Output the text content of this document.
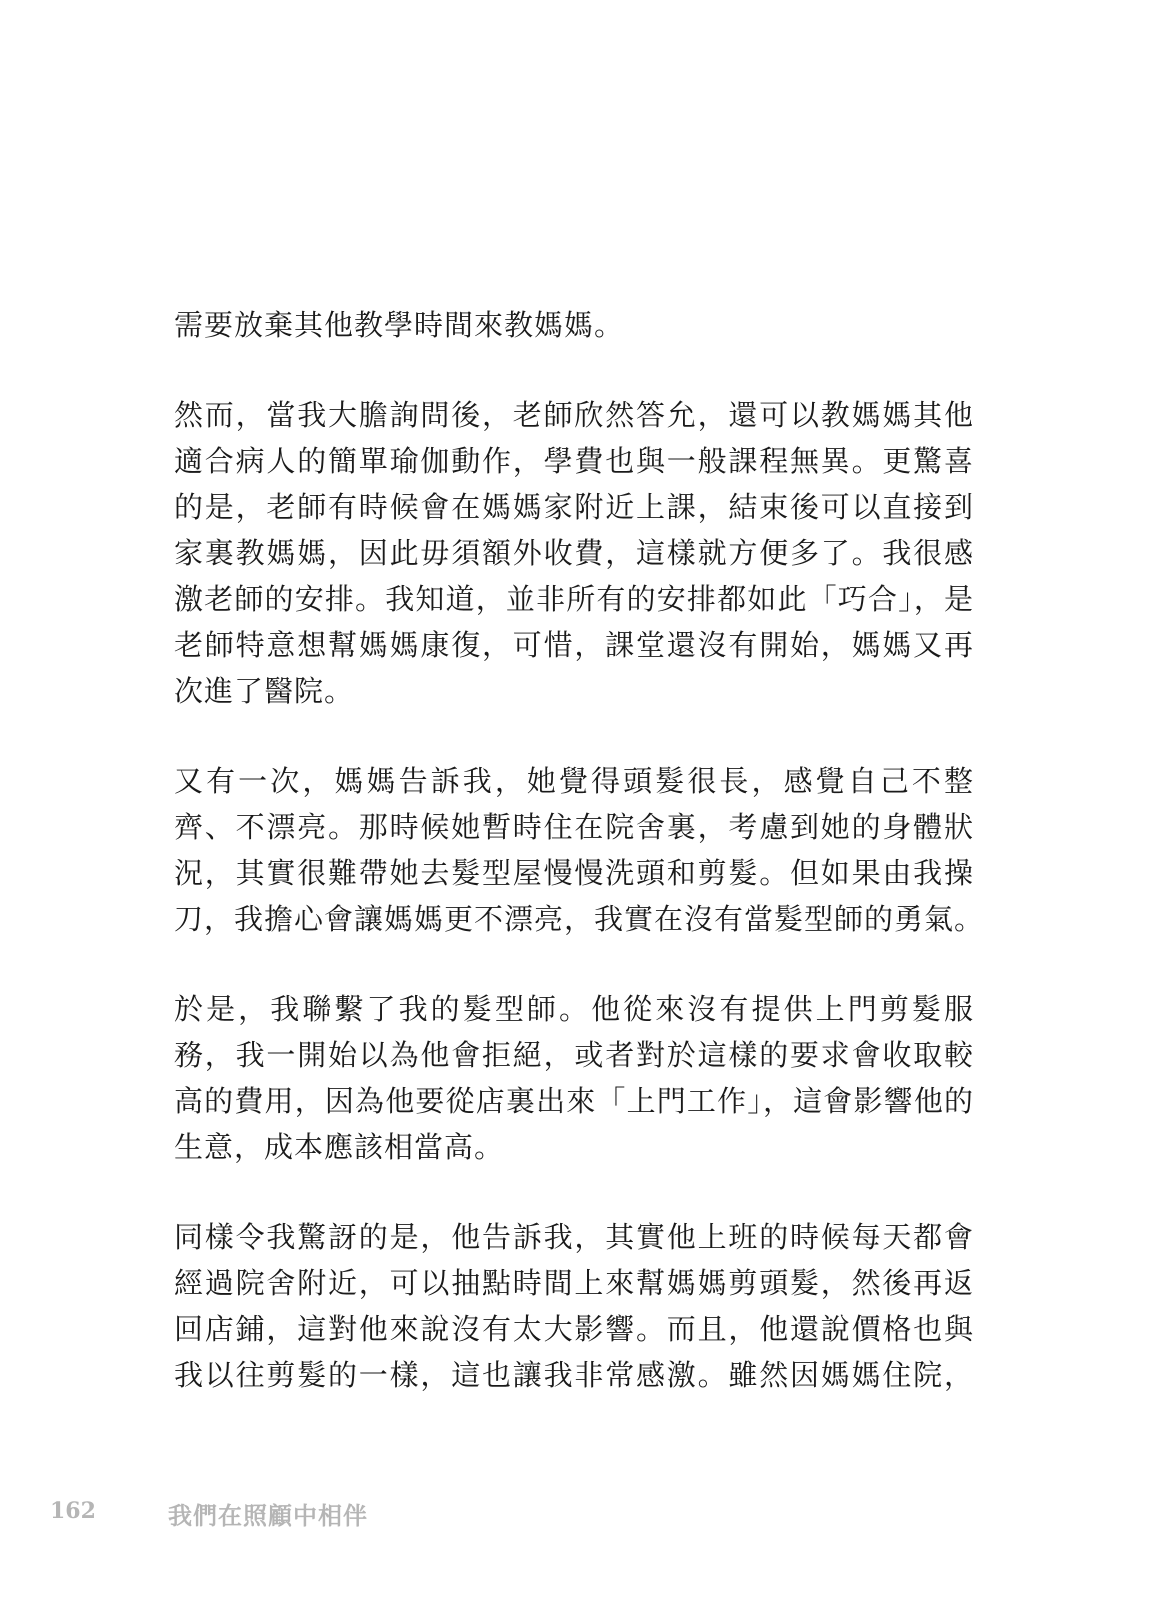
需要放棄其他教學時間來教媽媽。

然而，當我大膽詢問後，老師欣然答允，還可以教媽媽其他
適合病人的簡單瑜伽動作，學費也與一般課程無異。更驚喜
的是，老師有時候會在媽媽家附近上課，結束後可以直接到
家裏教媽媽，因此毋須額外收費，這樣就方便多了。我很感
激老師的安排。我知道，並非所有的安排都如此「巧合」，是
老師特意想幫媽媽康復，可惜，課堂還沒有開始，媽媽又再
次進了醫院。

又有一次，媽媽告訴我，她覺得頭髮很長，感覺自己不整
齊、不漂亮。那時候她暫時住在院舍裏，考慮到她的身體狀
況，其實很難帶她去髮型屋慢慢洗頭和剪髮。但如果由我操
刀，我擔心會讓媽媽更不漂亮，我實在沒有當髮型師的勇氣。

於是，我聯繫了我的髮型師。他從來沒有提供上門剪髮服
務，我一開始以為他會拒絕，或者對於這樣的要求會收取較
高的費用，因為他要從店裏出來「上門工作」，這會影響他的
生意，成本應該相當高。

同樣令我驚訝的是，他告訴我，其實他上班的時候每天都會
經過院舍附近，可以抽點時間上來幫媽媽剪頭髮，然後再返
回店鋪，這對他來說沒有太大影響。而且，他還說價格也與
我以往剪髮的一樣，這也讓我非常感激。雖然因媽媽住院，

162	我們在照顧中相伴
